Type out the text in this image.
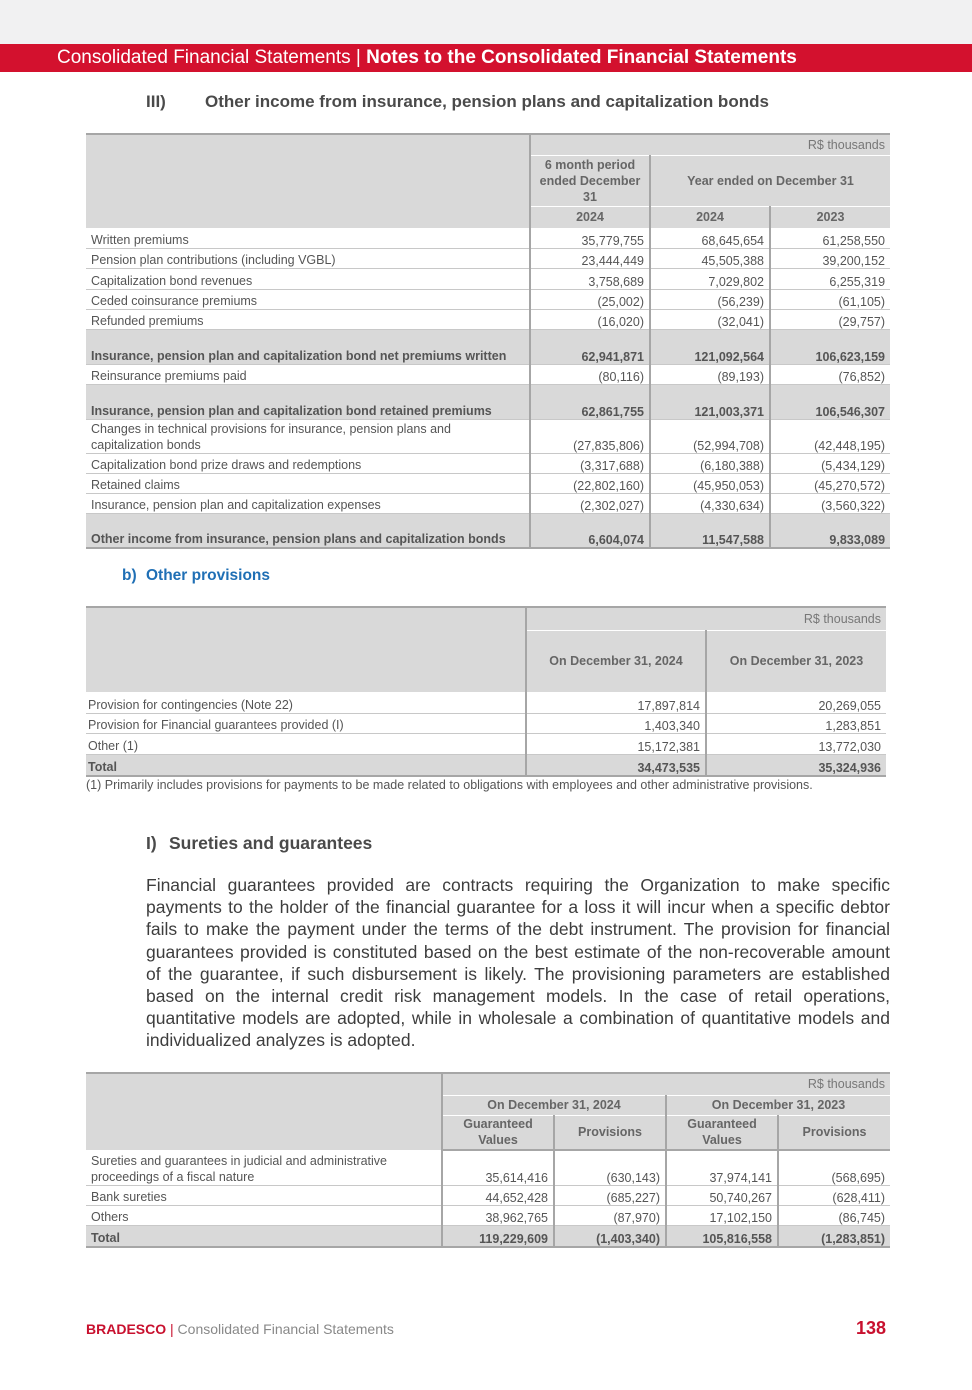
Consolidated Financial Statements | Notes to the Consolidated Financial Statements
III) Other income from insurance, pension plans and capitalization bonds
	R$ thousands		
	6 month period ended December 31	Year ended on December 31	
	2024	2024	2023
Written premiums	35,779,755	68,645,654	61,258,550
Pension plan contributions (including VGBL)	23,444,449	45,505,388	39,200,152
Capitalization bond revenues	3,758,689	7,029,802	6,255,319
Ceded coinsurance premiums	(25,002)	(56,239)	(61,105)
Refunded premiums	(16,020)	(32,041)	(29,757)
Insurance, pension plan and capitalization bond net premiums written	62,941,871	121,092,564	106,623,159
Reinsurance premiums paid	(80,116)	(89,193)	(76,852)
Insurance, pension plan and capitalization bond retained premiums	62,861,755	121,003,371	106,546,307
Changes in technical provisions for insurance, pension plans and capitalization bonds	(27,835,806)	(52,994,708)	(42,448,195)
Capitalization bond prize draws and redemptions	(3,317,688)	(6,180,388)	(5,434,129)
Retained claims	(22,802,160)	(45,950,053)	(45,270,572)
Insurance, pension plan and capitalization expenses	(2,302,027)	(4,330,634)	(3,560,322)
Other income from insurance, pension plans and capitalization bonds	6,604,074	11,547,588	9,833,089
b) Other provisions
	R$ thousands	
	On December 31, 2024	On December 31, 2023
Provision for contingencies (Note 22)	17,897,814	20,269,055
Provision for Financial guarantees provided (I)	1,403,340	1,283,851
Other (1)	15,172,381	13,772,030
Total	34,473,535	35,324,936
(1) Primarily includes provisions for payments to be made related to obligations with employees and other administrative provisions.
I) Sureties and guarantees
Financial guarantees provided are contracts requiring the Organization to make specific payments to the holder of the financial guarantee for a loss it will incur when a specific debtor fails to make the payment under the terms of the debt instrument. The provision for financial guarantees provided is constituted based on the best estimate of the non-recoverable amount of the guarantee, if such disbursement is likely. The provisioning parameters are established based on the internal credit risk management models. In the case of retail operations, quantitative models are adopted, while in wholesale a combination of quantitative models and individualized analyzes is adopted.
	R$ thousands			
	On December 31, 2024		On December 31, 2023	
	Guaranteed Values	Provisions	Guaranteed Values	Provisions
Sureties and guarantees in judicial and administrative proceedings of a fiscal nature	35,614,416	(630,143)	37,974,141	(568,695)
Bank sureties	44,652,428	(685,227)	50,740,267	(628,411)
Others	38,962,765	(87,970)	17,102,150	(86,745)
Total	119,229,609	(1,403,340)	105,816,558	(1,283,851)
BRADESCO | Consolidated Financial Statements	138
